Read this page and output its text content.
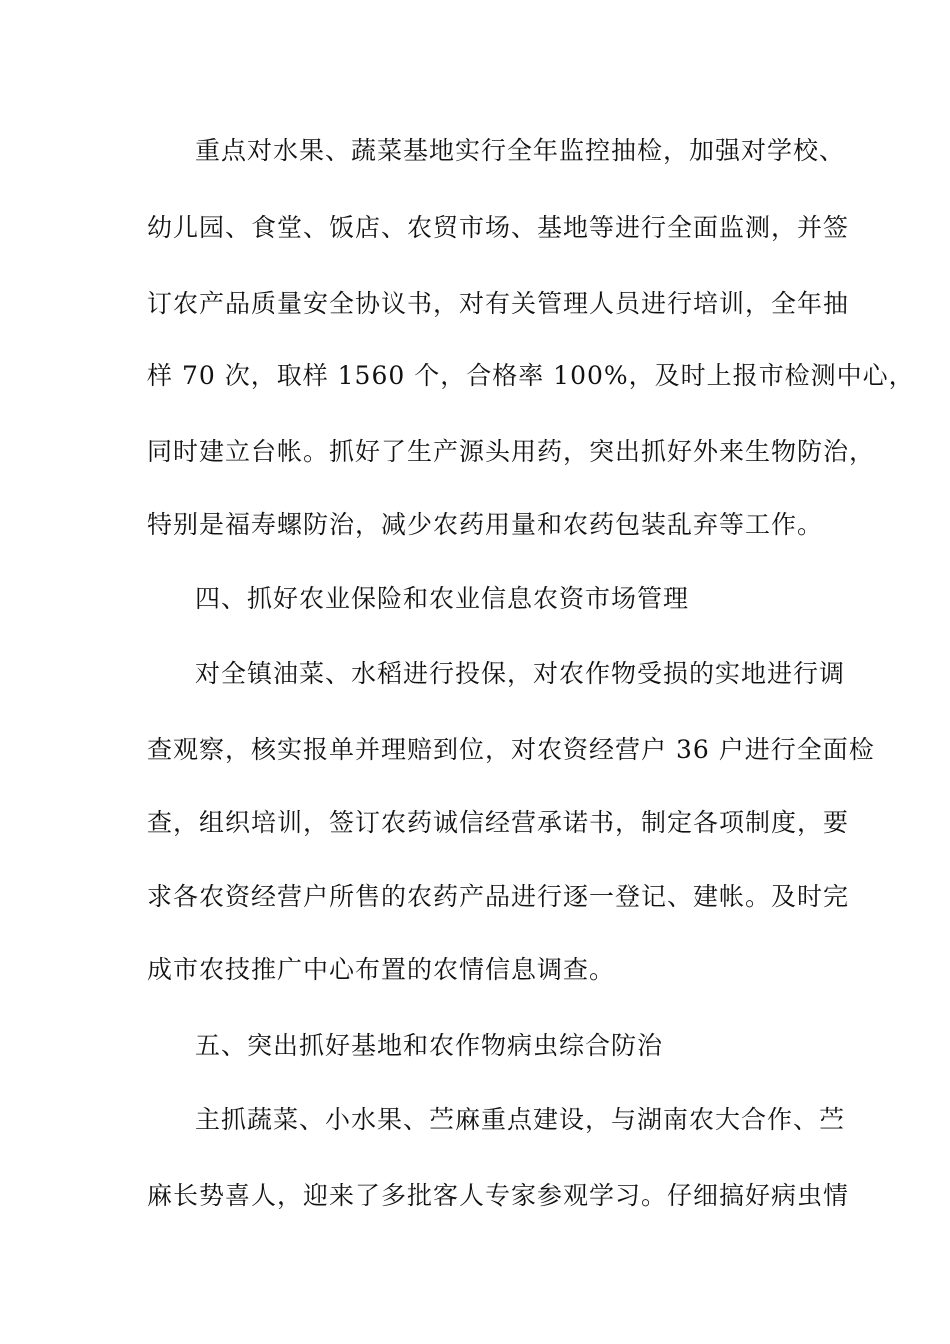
重点对水果、蔬菜基地实行全年监控抽检，加强对学校、
幼儿园、食堂、饭店、农贸市场、基地等进行全面监测，并签
订农产品质量安全协议书，对有关管理人员进行培训，全年抽
样 70 次，取样 1560 个，合格率 100%，及时上报市检测中心，
同时建立台帐。抓好了生产源头用药，突出抓好外来生物防治，
特别是福寿螺防治，减少农药用量和农药包装乱弃等工作。
四、抓好农业保险和农业信息农资市场管理
对全镇油菜、水稻进行投保，对农作物受损的实地进行调
查观察，核实报单并理赔到位，对农资经营户 36 户进行全面检
查，组织培训，签订农药诚信经营承诺书，制定各项制度，要
求各农资经营户所售的农药产品进行逐一登记、建帐。及时完
成市农技推广中心布置的农情信息调查。
五、突出抓好基地和农作物病虫综合防治
主抓蔬菜、小水果、苎麻重点建设，与湖南农大合作、苎
麻长势喜人，迎来了多批客人专家参观学习。仔细搞好病虫情
